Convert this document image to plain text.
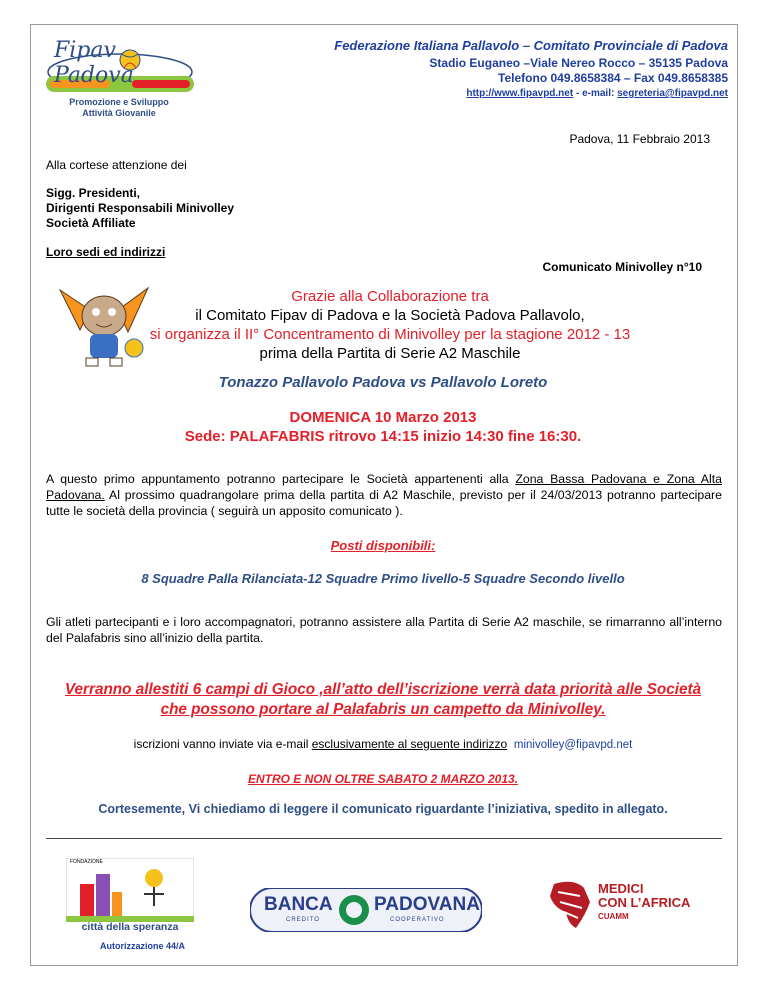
Fipav Padova
Promozione e Sviluppo
Attività Giovanile
Federazione Italiana Pallavolo – Comitato Provinciale di Padova
Stadio Euganeo –Viale Nereo Rocco – 35135 Padova
Telefono 049.8658384 – Fax 049.8658385
http://www.fipavpd.net - e-mail: segreteria@fipavpd.net
Padova, 11 Febbraio 2013
Alla cortese attenzione dei
Sigg. Presidenti,
Dirigenti Responsabili Minivolley
Società Affiliate
Loro sedi ed indirizzi
Comunicato Minivolley n°10
Grazie alla Collaborazione tra
il Comitato Fipav di Padova e la Società Padova Pallavolo,
si organizza il II° Concentramento di Minivolley per la stagione 2012 - 13
prima della Partita di Serie A2 Maschile
Tonazzo Pallavolo Padova vs Pallavolo Loreto
DOMENICA 10 Marzo 2013
Sede: PALAFABRIS ritrovo 14:15 inizio 14:30 fine 16:30.
A questo primo appuntamento potranno partecipare le Società appartenenti alla Zona Bassa Padovana e Zona Alta Padovana. Al prossimo quadrangolare prima della partita di A2 Maschile, previsto per il 24/03/2013 potranno partecipare tutte le società della provincia ( seguirà un apposito comunicato ).
Posti disponibili:
8 Squadre Palla Rilanciata-12 Squadre Primo livello-5 Squadre Secondo livello
Gli atleti partecipanti e i loro accompagnatori, potranno assistere alla Partita di Serie A2 maschile, se rimarranno all’interno del Palafabris sino all’inizio della partita.
Verranno allestiti 6 campi di Gioco ,all’atto dell’iscrizione verrà data priorità alle Società
che possono portare al Palafabris un campetto da Minivolley.
iscrizioni vanno inviate via e-mail esclusivamente al seguente indirizzo minivolley@fipavpd.net
ENTRO E NON OLTRE SABATO 2 MARZO 2013.
Cortesemente, Vi chiediamo di leggere il comunicato riguardante l’iniziativa, spedito in allegato.
FONDAZIONE
città della speranza
Autorizzazione 44/A
BANCA PADOVANA
CREDITO	COOPERATIVO
MEDICI
CON L’AFRICA
CUAMM
